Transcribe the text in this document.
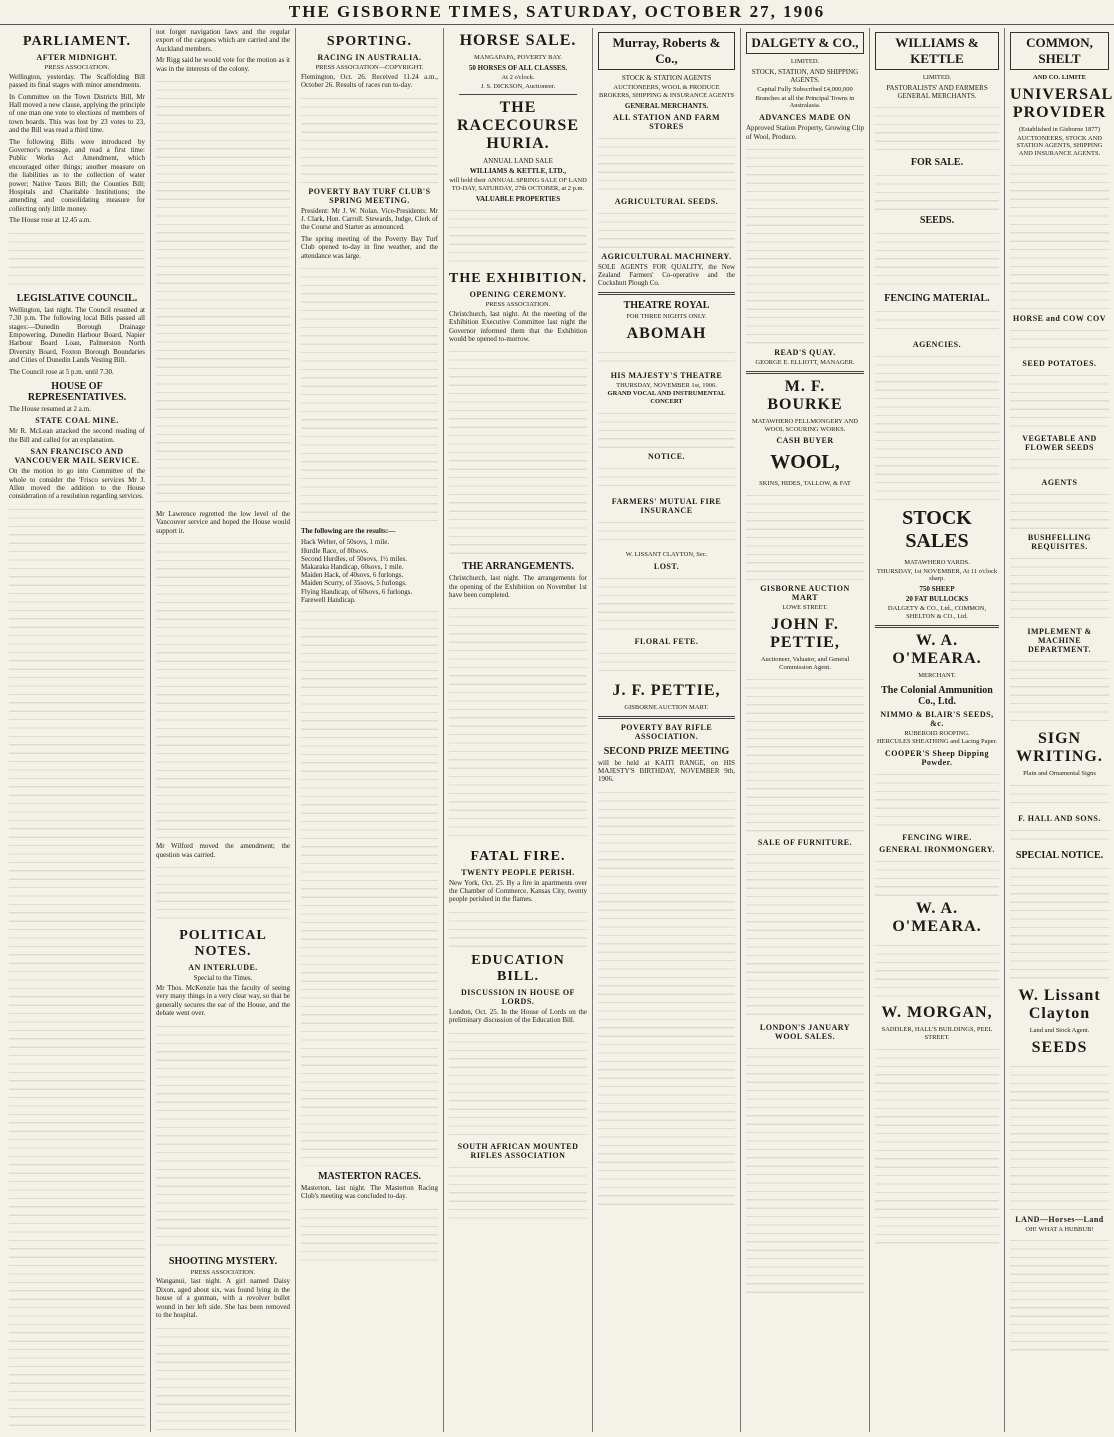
THE GISBORNE TIMES, SATURDAY, OCTOBER 27, 1906
PARLIAMENT.
AFTER MIDNIGHT.
PRESS ASSOCIATION.

Wellington, yesterday. The Scaffolding Bill passed its final stages with minor amendments.

In Committee on the Town Districts Bill, Mr Hall moved a new clause, applying the principle of one man one vote to elections of members of town boards. This was lost by 23 votes to 23, and the Bill was read a third time.

The following Bills were introduced by Governor's message, and read a first time: Public Works Act Amendment, which encouraged other things; another measure on the liabilities as to the collection of water power; Native Taxes Bill; the Counties Bill; Hospitals and Charitable Institutions; the amending and consolidating measure for collecting only little money.

The House rose at 12.45 a.m.

LEGISLATIVE COUNCIL.

Wellington, last night. The Council resumed at 7.30 p.m. The following local Bills passed all stages:—Dunedin Borough Drainage Empowering, Dunedin Harbour Board, Napier Harbour Board Loan, Palmerston North Diversity Board, Foxton Borough Boundaries and Cities of Dunedin Lands Vesting Bill.

The Council rose at 5 p.m. until 7.30.

HOUSE OF REPRESENTATIVES.

The House resumed at 2 a.m.

STATE COAL MINE.

Mr R. McLean attacked the second reading of the Bill and called for an explanation.

SAN FRANCISCO AND VANCOUVER MAIL SERVICE.

On the motion to go into Committee of the whole to consider the 'Frisco services Mr J. Allen moved the addition to the House consideration of a resolution regarding services.

not forget navigation laws and the regular export of the cargoes which are carried and the Auckland members.

Mr Rigg said he would vote for the motion as it was in the interests of the colony.

Mr Lawrence regretted the low level of the Vancouver service and hoped the House would support it.

Mr Wilford moved the amendment; the question was carried.

POLITICAL NOTES.
AN INTERLUDE.
Special to the Times.

Mr Thos. McKenzie has the faculty of seeing very many things in a very clear way, so that he generally secures the ear of the House, and the debate went over.

SHOOTING MYSTERY.
PRESS ASSOCIATION.

Wanganui, last night. A girl named Daisy Dixon, aged about six, was found lying in the house of a gunman, with a revolver bullet wound in her left side. She has been removed to the hospital.

SPORTING.
RACING IN AUSTRALIA.
PRESS ASSOCIATION—COPYRIGHT.

Flemington, Oct. 26. Received 11.24 a.m., October 26. Results of races run to-day.

POVERTY BAY TURF CLUB'S SPRING MEETING.

President: Mr J. W. Nolan. Vice-Presidents: Mr J. Clark, Hon. Carroll. Stewards, Judge, Clerk of the Course and Starter as announced.

The spring meeting of the Poverty Bay Turf Club opened to-day in fine weather, and the attendance was large.

The following are the results:—

Hack Welter, of 50sovs, 1 mile.
Hurdle Race, of 80sovs.
Second Hurdles, of 50sovs, 1½ miles.
Makaraka Handicap, 60sovs, 1 mile.
Maiden Hack, of 40sovs, 6 furlongs.
Maiden Scurry, of 35sovs, 5 furlongs.
Flying Handicap, of 60sovs, 6 furlongs.
Farewell Handicap.
MASTERTON RACES.

Masterton, last night. The Masterton Racing Club's meeting was concluded to-day.

HORSE SALE.
MANGAPAPA, POVERTY BAY.
50 HORSES OF ALL CLASSES.
At 2 o'clock.
J. S. DICKSON, Auctioneer.
THE RACECOURSE HURIA.
ANNUAL LAND SALE
WILLIAMS & KETTLE, LTD.,
will hold their ANNUAL SPRING SALE OF LAND TO-DAY, SATURDAY, 27th OCTOBER, at 2 p.m.
VALUABLE PROPERTIES
THE EXHIBITION.
OPENING CEREMONY.
PRESS ASSOCIATION.

Christchurch, last night. At the meeting of the Exhibition Executive Committee last night the Governor informed them that the Exhibition would be opened to-morrow.

THE ARRANGEMENTS.

Christchurch, last night. The arrangements for the opening of the Exhibition on November 1st have been completed.

FATAL FIRE.
TWENTY PEOPLE PERISH.

New York, Oct. 25. By a fire in apartments over the Chamber of Commerce, Kansas City, twenty people perished in the flames.

EDUCATION BILL.
DISCUSSION IN HOUSE OF LORDS.

London, Oct. 25. In the House of Lords on the preliminary discussion of the Education Bill.

SOUTH AFRICAN MOUNTED RIFLES ASSOCIATION
Murray, Roberts & Co.,
STOCK & STATION AGENTS
AUCTIONEERS, WOOL & PRODUCE BROKERS, SHIPPING & INSURANCE AGENTS
GENERAL MERCHANTS.
ALL STATION AND FARM STORES
AGRICULTURAL SEEDS.
AGRICULTURAL MACHINERY.

SOLE AGENTS FOR QUALITY, the New Zealand Farmers' Co-operative and the Cockshutt Plough Co.

THEATRE ROYAL
FOR THREE NIGHTS ONLY.
ABOMAH
HIS MAJESTY'S THEATRE
THURSDAY, NOVEMBER 1st, 1906.
GRAND VOCAL AND INSTRUMENTAL CONCERT
NOTICE.
FARMERS' MUTUAL FIRE INSURANCE
W. LISSANT CLAYTON, Sec.
LOST.
FLORAL FETE.
J. F. PETTIE,
GISBORNE AUCTION MART.
POVERTY BAY RIFLE ASSOCIATION.
SECOND PRIZE MEETING

will be held at KAITI RANGE, on HIS MAJESTY'S BIRTHDAY, NOVEMBER 9th, 1906.

DALGETY & CO.,
LIMITED.
STOCK, STATION, AND SHIPPING AGENTS.
Capital Fully Subscribed £4,000,000
Branches at all the Principal Towns in Australasia.
ADVANCES MADE ON

Approved Station Property, Growing Clip of Wool, Produce.

READ'S QUAY.
GEORGE E. ELLIOTT, MANAGER.
M. F. BOURKE
MATAWHERO FELLMONGERY AND WOOL SCOURING WORKS.
CASH BUYER
WOOL,
SKINS, HIDES, TALLOW, & FAT
GISBORNE AUCTION MART
LOWE STREET.
JOHN F. PETTIE,
Auctioneer, Valuator, and General Commission Agent.
SALE OF FURNITURE.
LONDON'S JANUARY WOOL SALES.
WILLIAMS & KETTLE
LIMITED.
PASTORALISTS' AND FARMERS GENERAL MERCHANTS.
FOR SALE.
SEEDS.
FENCING MATERIAL.
AGENCIES.
STOCK SALES
MATAWHERO YARDS.
THURSDAY, 1st NOVEMBER, At 11 o'clock sharp.
750 SHEEP
20 FAT BULLOCKS
DALGETY & CO., Ltd., COMMON, SHELTON & CO., Ltd.
W. A. O'MEARA.
MERCHANT.
The Colonial Ammunition Co., Ltd.
NIMMO & BLAIR'S SEEDS, &c.
RUBEROID ROOFING.
HERCULES SHEATHING and Lacing Paper.
COOPER'S Sheep Dipping Powder.
FENCING WIRE.
GENERAL IRONMONGERY.
W. A. O'MEARA.
W. MORGAN,
SADDLER, HALL'S BUILDINGS, PEEL STREET.
COMMON, SHELT
AND CO. LIMITE
UNIVERSAL PROVIDER
(Established in Gisborne 1877)
AUCTIONEERS, STOCK AND STATION AGENTS, SHIPPING AND INSURANCE AGENTS.
HORSE and COW COV
SEED POTATOES.
VEGETABLE AND FLOWER SEEDS
AGENTS
BUSHFELLING REQUISITES.
IMPLEMENT & MACHINE DEPARTMENT.
SIGN WRITING.
Plain and Ornamental Signs
F. HALL AND SONS.
SPECIAL NOTICE.
W. Lissant Clayton
Land and Stock Agent.
SEEDS
LAND—Horses—Land
OH! WHAT A HUBBUB!
